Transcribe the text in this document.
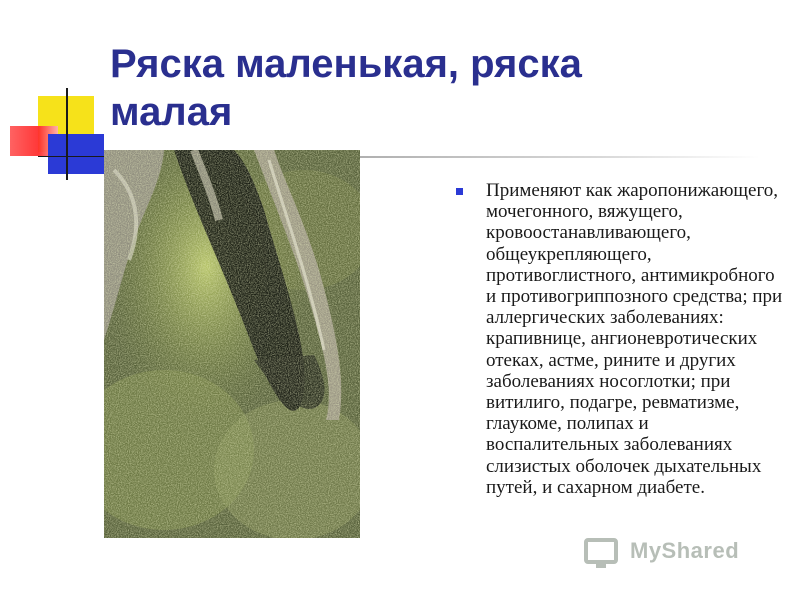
Ряска маленькая, ряска малая

Применяют как жаропонижающего, мочегонного, вяжущего, кровоостанавливающего, общеукрепляющего, противоглистного, антимикробного и противогриппозного средства; при аллергических заболеваниях: крапивнице, ангионевротических отеках, астме, рините и других заболеваниях носоглотки; при витилиго, подагре, ревматизме, глаукоме, полипах и воспалительных заболеваниях слизистых оболочек дыхательных путей, и сахарном диабете.

MyShared
